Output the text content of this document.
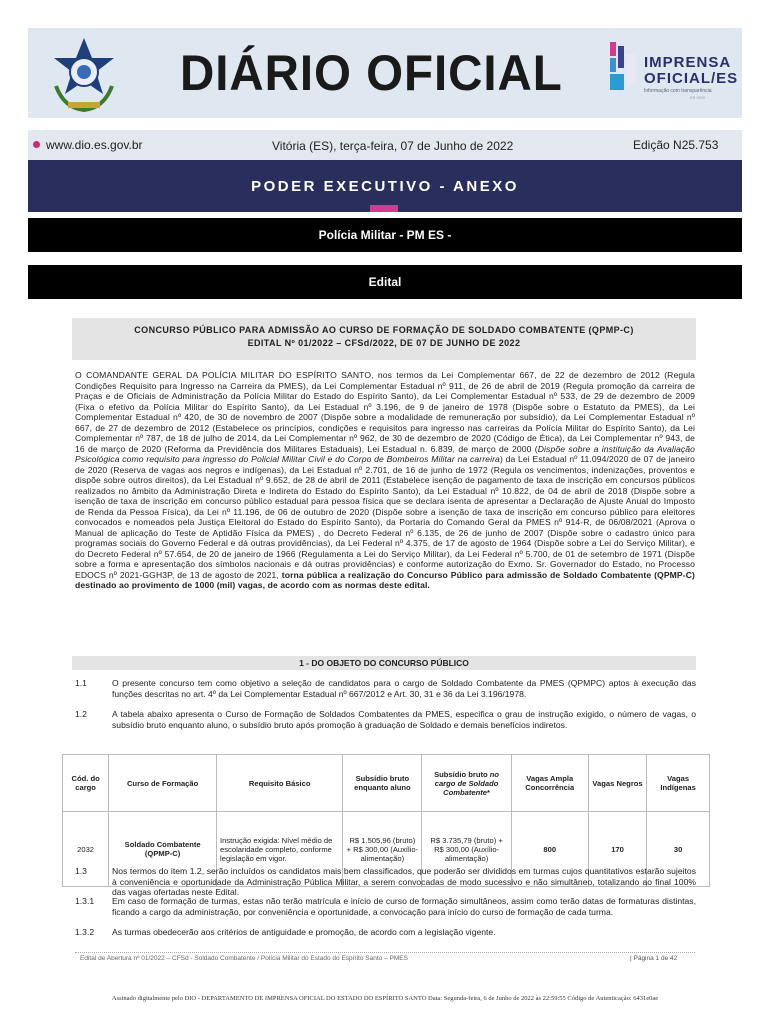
DIÁRIO OFICIAL	IMPRENSA
OFICIAL/ES
Informação com transparência
ES GOV
www.dio.es.gov.br	Vitória (ES), terça-feira, 07 de Junho de 2022	Edição N25.753
PODER EXECUTIVO - ANEXO
Polícia Militar - PM ES -
Edital
CONCURSO PÚBLICO PARA ADMISSÃO AO CURSO DE FORMAÇÃO DE SOLDADO COMBATENTE (QPMP-C)
EDITAL Nº 01/2022 – CFSd/2022, DE 07 DE JUNHO DE 2022
O COMANDANTE GERAL DA POLÍCIA MILITAR DO ESPÍRITO SANTO, nos termos da Lei Complementar 667, de 22 de dezembro de 2012 (Regula Condições Requisito para Ingresso na Carreira da PMES), da Lei Complementar Estadual nº 911, de 26 de abril de 2019 (Regula promoção da carreira de Praças e de Oficiais de Administração da Polícia Militar do Estado do Espírito Santo), da Lei Complementar Estadual nº 533, de 29 de dezembro de 2009 (Fixa o efetivo da Polícia Militar do Espírito Santo), da Lei Estadual nº 3.196, de 9 de janeiro de 1978 (Dispõe sobre o Estatuto da PMES), da Lei Complementar Estadual nº 420, de 30 de novembro de 2007 (Dispõe sobre a modalidade de remuneração por subsídio), da Lei Complementar Estadual nº 667, de 27 de dezembro de 2012 (Estabelece os princípios, condições e requisitos para ingresso nas carreiras da Polícia Militar do Espírito Santo), da Lei Complementar nº 787, de 18 de julho de 2014, da Lei Complementar nº 962, de 30 de dezembro de 2020 (Código de Ética), da Lei Complementar nº 943, de 16 de março de 2020 (Reforma da Previdência dos Militares Estaduais), Lei Estadual n. 6.839, de março de 2000 (Dispõe sobre a instituição da Avaliação Psicológica como requisito para ingresso do Policial Militar Civil e do Corpo de Bombeiros Militar na carreira) da Lei Estadual nº 11.094/2020 de 07 de janeiro de 2020 (Reserva de vagas aos negros e indígenas), da Lei Estadual nº 2.701, de 16 de junho de 1972 (Regula os vencimentos, indenizações, proventos e dispõe sobre outros direitos), da Lei Estadual nº 9.652, de 28 de abril de 2011 (Estabelece isenção de pagamento de taxa de inscrição em concursos públicos realizados no âmbito da Administração Direta e Indireta do Estado do Espírito Santo), da Lei Estadual nº 10.822, de 04 de abril de 2018 (Dispõe sobre a isenção de taxa de inscrição em concurso público estadual para pessoa física que se declara isenta de apresentar a Declaração de Ajuste Anual do Imposto de Renda da Pessoa Física), da Lei nº 11.196, de 06 de outubro de 2020 (Dispõe sobre a isenção de taxa de inscrição em concurso público para eleitores convocados e nomeados pela Justiça Eleitoral do Estado do Espírito Santo), da Portaria do Comando Geral da PMES nº 914-R, de 06/08/2021 (Aprova o Manual de aplicação do Teste de Aptidão Física da PMES) , do Decreto Federal nº 6.135, de 26 de junho de 2007 (Dispõe sobre o cadastro único para programas sociais do Governo Federal e dá outras providências), da Lei Federal nº 4.375, de 17 de agosto de 1964 (Dispõe sobre a Lei do Serviço Militar), e do Decreto Federal nº 57.654, de 20 de janeiro de 1966 (Regulamenta a Lei do Serviço Militar), da Lei Federal nº 5.700, de 01 de setembro de 1971 (Dispõe sobre a forma e apresentação dos símbolos nacionais e dá outras providências) e conforme autorização do Exmo. Sr. Governador do Estado, no Processo EDOCS nº 2021-GGH3P, de 13 de agosto de 2021, torna pública a realização do Concurso Público para admissão de Soldado Combatente (QPMP-C) destinado ao provimento de 1000 (mil) vagas, de acordo com as normas deste edital.
1 - DO OBJETO DO CONCURSO PÚBLICO
1.1	O presente concurso tem como objetivo a seleção de candidatos para o cargo de Soldado Combatente da PMES (QPMPC) aptos à execução das funções descritas no art. 4º da Lei Complementar Estadual nº 667/2012 e Art. 30, 31 e 36 da Lei 3.196/1978.
1.2	A tabela abaixo apresenta o Curso de Formação de Soldados Combatentes da PMES, especifica o grau de instrução exigido, o número de vagas, o subsídio bruto enquanto aluno, o subsídio bruto após promoção à graduação de Soldado e demais benefícios indiretos.
Cód. do cargo	Curso de Formação	Requisito Básico	Subsídio bruto enquanto aluno	Subsídio bruto no cargo de Soldado Combatente*	Vagas Ampla Concorrência	Vagas Negros	Vagas Indígenas
2032	Soldado Combatente (QPMP-C)	Instrução exigida: Nível médio de escolaridade completo, conforme legislação em vigor.	R$ 1.505,96 (bruto) + R$ 300,00 (Auxílio-alimentação)	R$ 3.735,79 (bruto) + R$ 300,00 (Auxílio-alimentação)	800	170	30
1.3	Nos termos do item 1.2, serão incluídos os candidatos mais bem classificados, que poderão ser divididos em turmas cujos quantitativos estarão sujeitos à conveniência e oportunidade da Administração Pública Militar, a serem convocadas de modo sucessivo e não simultâneo, totalizando ao final 100% das vagas ofertadas neste Edital.
1.3.1 Em caso de formação de turmas, estas não terão matrícula e início de curso de formação simultâneos, assim como terão datas de formaturas distintas, ficando a cargo da administração, por conveniência e oportunidade, a convocação para início do curso de formação de cada turma.
1.3.2 As turmas obedecerão aos critérios de antiguidade e promoção, de acordo com a legislação vigente.
Edital de Abertura nº 01/2022 – CFSd - Soldado Combatente / Polícia Militar do Estado do Espírito Santo – PMES	| Página 1 de 42
Assinado digitalmente pelo DIO - DEPARTAMENTO DE IMPRENSA OFICIAL DO ESTADO DO ESPÍRITO SANTO Data: Segunda-feira, 6 de Junho de 2022 às 22:59:55 Código de Autenticação: 6431e0ae
